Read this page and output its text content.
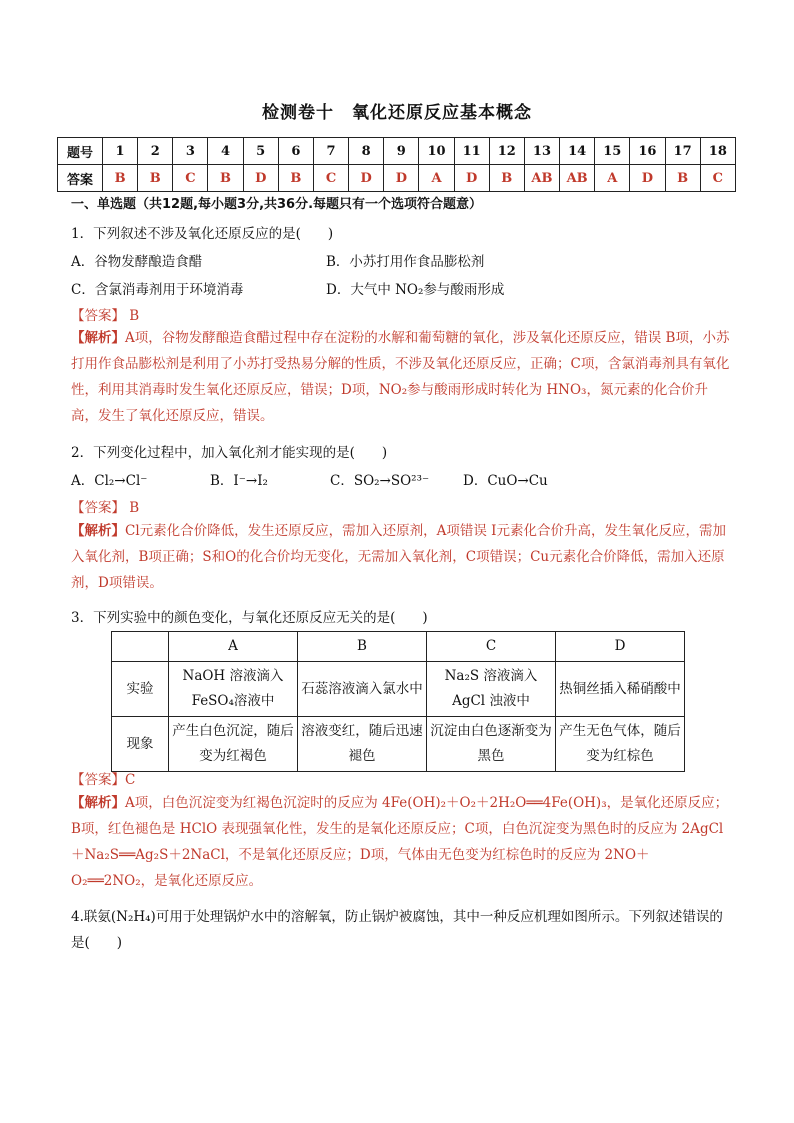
检测卷十　氧化还原反应基本概念
题号	1	2	3	4	5	6	7	8	9	10	11	12	13	14	15	16	17	18
答案	B	B	C	B	D	B	C	D	D	A	D	B	AB	AB	A	D	B	C
一、单选题（共12题,每小题3分,共36分.每题只有一个选项符合题意）
1．下列叙述不涉及氧化还原反应的是(　　)
A．谷物发酵酿造食醋	B．小苏打用作食品膨松剂
C．含氯消毒剂用于环境消毒	D．大气中 NO₂参与酸雨形成
【答案】 B
【解析】A项，谷物发酵酿造食醋过程中存在淀粉的水解和葡萄糖的氧化，涉及氧化还原反应，错误 B项，小苏打用作食品膨松剂是利用了小苏打受热易分解的性质，不涉及氧化还原反应，正确；C项，含氯消毒剂具有氧化性，利用其消毒时发生氧化还原反应，错误；D项，NO₂参与酸雨形成时转化为 HNO₃，氮元素的化合价升高，发生了氧化还原反应，错误。
2．下列变化过程中，加入氧化剂才能实现的是(　　)
A．Cl₂→Cl⁻	B．I⁻→I₂	C．SO₂→SO²³⁻	D．CuO→Cu
【答案】 B
【解析】Cl元素化合价降低，发生还原反应，需加入还原剂，A项错误 I元素化合价升高，发生氧化反应，需加入氧化剂，B项正确；S和O的化合价均无变化，无需加入氧化剂，C项错误；Cu元素化合价降低，需加入还原剂，D项错误。
3．下列实验中的颜色变化，与氧化还原反应无关的是(　　)
	A	B	C	D
实验	NaOH 溶液滴入 FeSO₄溶液中	石蕊溶液滴入氯水中	Na₂S 溶液滴入 AgCl 浊液中	热铜丝插入稀硝酸中
现象	产生白色沉淀，随后变为红褐色	溶液变红，随后迅速褪色	沉淀由白色逐渐变为黑色	产生无色气体，随后变为红棕色
【答案】C
【解析】A项，白色沉淀变为红褐色沉淀时的反应为 4Fe(OH)₂＋O₂＋2H₂O══4Fe(OH)₃，是氧化还原反应；B项，红色褪色是 HClO 表现强氧化性，发生的是氧化还原反应；C项，白色沉淀变为黑色时的反应为 2AgCl＋Na₂S══Ag₂S＋2NaCl，不是氧化还原反应；D项，气体由无色变为红棕色时的反应为 2NO＋O₂══2NO₂，是氧化还原反应。
4.联氨(N₂H₄)可用于处理锅炉水中的溶解氧，防止锅炉被腐蚀，其中一种反应机理如图所示。下列叙述错误的是(　　)
